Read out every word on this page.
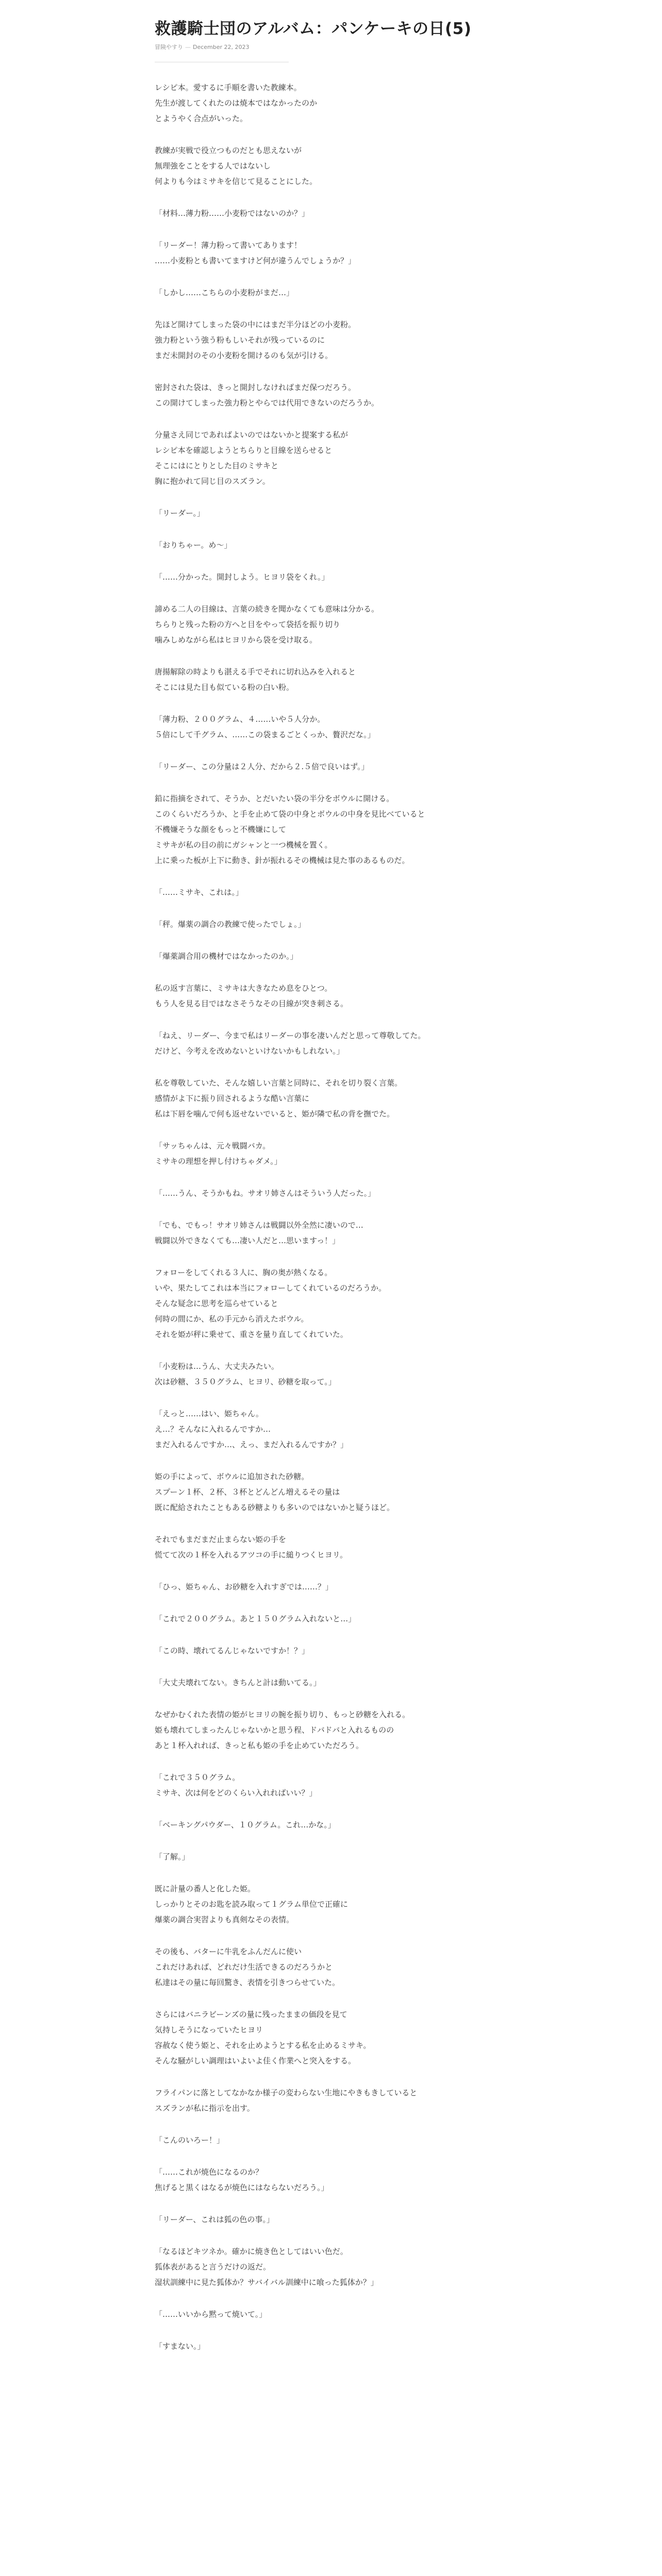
救護騎士団のアルバム：パンケーキの日(5)
冒険やすり — December 22, 2023

レシピ本。愛するに手順を書いた教練本。
先生が渡してくれたのは焼本ではなかったのか
とようやく合点がいった。

教練が実戦で役立つものだとも思えないが
無理強をことをする人ではないし
何よりも今はミサキを信じて見ることにした。

「材料…薄力粉……小麦粉ではないのか？」

「リーダー！薄力粉って書いてあります！
……小麦粉とも書いてますけど何が違うんでしょうか？」

「しかし……こちらの小麦粉がまだ…」

先ほど開けてしまった袋の中にはまだ半分ほどの小麦粉。
強力粉という強う粉もしいそれが残っているのに
まだ未開封のその小麦粉を開けるのも気が引ける。

密封された袋は、きっと開封しなければまだ保つだろう。
この開けてしまった強力粉とやらでは代用できないのだろうか。

分量さえ同じであればよいのではないかと提案する私が
レシピ本を確認しようとちらりと目線を送らせると
そこにはにとりとした目のミサキと
胸に抱かれて同じ目のスズラン。

「リーダー。」

「おりちゃー。め～」

「……分かった。開封しよう。ヒヨリ袋をくれ。」

諦める二人の目線は、言葉の続きを聞かなくても意味は分かる。
ちらりと残った粉の方へと目をやって袋括を振り切り
噛みしめながら私はヒヨリから袋を受け取る。

唐揚解除の時よりも湛える手でそれに切れ込みを入れると
そこには見た目も似ている粉の白い粉。

「薄力粉、２００グラム、４……いや５人分か。
５倍にして千グラム、……この袋まるごとくっか、贅沢だな。」

「リーダー、この分量は２人分、だから２.５倍で良いはず。」

鉛に指摘をされて、そうか、とだいたい袋の半分をボウルに開ける。
このくらいだろうか、と手を止めて袋の中身とボウルの中身を見比べていると
不機嫌そうな顔をもっと不機嫌にして
ミサキが私の目の前にガシャンと一つ機械を置く。
上に乗った板が上下に動き、針が振れるその機械は見た事のあるものだ。

「……ミサキ、これは。」

「秤。爆薬の調合の教練で使ったでしょ。」

「爆薬調合用の機材ではなかったのか。」

私の返す言葉に、ミサキは大きなため息をひとつ。
もう人を見る目ではなさそうなその目線が突き刺さる。

「ねえ、リーダー、今まで私はリーダーの事を凄いんだと思って尊敬してた。
だけど、今考えを改めないといけないかもしれない。」

私を尊敬していた、そんな嬉しい言葉と同時に、それを切り裂く言葉。
感情がよ下に振り回されるような酷い言葉に
私は下唇を噛んで何も返せないでいると、姫が隣で私の背を撫でた。

「サッちゃんは、元々戦闘バカ。
ミサキの理想を押し付けちゃダメ。」

「……うん、そうかもね。サオリ姉さんはそういう人だった。」

「でも、でもっ！サオリ姉さんは戦闘以外全然に凄いので…
戦闘以外できなくても…凄い人だと…思いますっ！」

フォローをしてくれる３人に、胸の奥が熱くなる。
いや、果たしてこれは本当にフォローしてくれているのだろうか。
そんな疑念に思考を巡らせていると
何時の間にか、私の手元から消えたボウル。
それを姫が秤に乗せて、重さを量り直してくれていた。

「小麦粉は…うん、大丈夫みたい。
次は砂糖、３５０グラム、ヒヨリ、砂糖を取って。」

「えっと……はい、姫ちゃん。
え…？そんなに入れるんですか…
まだ入れるんですか…、えっ、まだ入れるんですか？」

姫の手によって、ボウルに追加された砂糖。
スプーン１杯、２杯、３杯とどんどん増えるその量は
既に配給されたこともある砂糖よりも多いのではないかと疑うほど。

それでもまだまだ止まらない姫の手を
慌てて次の１杯を入れるアツコの手に縋りつくヒヨリ。

「ひっ、姫ちゃん、お砂糖を入れすぎでは……？」

「これで２００グラム。あと１５０グラム入れないと…」

「この時、壊れてるんじゃないですか！？」

「大丈夫壊れてない。きちんと計は動いてる。」

なぜかむくれた表情の姫がヒヨリの腕を振り切り、もっと砂糖を入れる。
姫も壊れてしまったんじゃないかと思う程、ドバドバと入れるものの
あと１杯入れれば、きっと私も姫の手を止めていただろう。

「これで３５０グラム。
ミサキ、次は何をどのくらい入れればいい？」

「ベーキングパウダー、１０グラム。これ…かな。」

「了解。」

既に計量の番人と化した姫。
しっかりとそのお匙を読み取って１グラム単位で正確に
爆薬の調合実習よりも真剣なその表情。

その後も、バターに牛乳をふんだんに使い
これだけあれば、どれだけ生活できるのだろうかと
私達はその量に毎回驚き、表情を引きつらせていた。

さらにはバニラビーンズの量に残ったままの価段を見て
気持しそうになっていたヒヨリ
容赦なく使う姫と、それを止めようとする私を止めるミサキ。
そんな騒がしい調理はいよいよ佳く作業へと突入をする。

フライパンに落としてなかなか様子の変わらない生地にやきもきしていると
スズランが私に指示を出す。

「こんのいろー！」

「……これが焼色になるのか？
焦げると黒くはなるが焼色にはならないだろう。」

「リーダー、これは狐の色の事。」

「なるほどキツネか。確かに焼き色としてはいい色だ。
狐体表があると言うだけの返だ。
湿状訓練中に見た狐体か？サバイバル訓練中に喰った狐体か？」

「……いいから黙って焼いて。」

「すまない。」
